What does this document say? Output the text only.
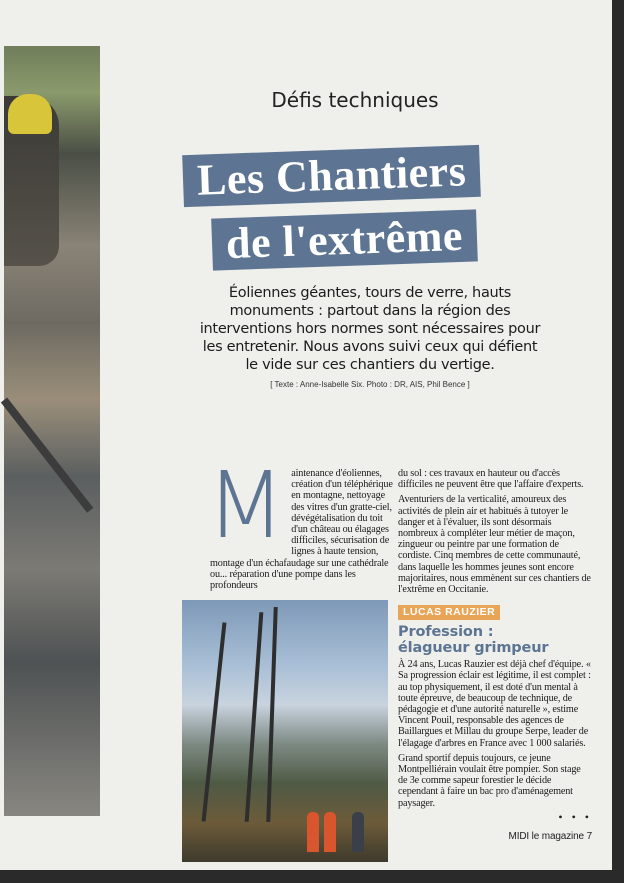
Défis techniques
Les Chantiers
de l'extrême
Éoliennes géantes, tours de verre, hauts monuments : partout dans la région des interventions hors normes sont nécessaires pour les entretenir. Nous avons suivi ceux qui défient le vide sur ces chantiers du vertige.
[ Texte : Anne-Isabelle Six. Photo : DR, AIS, Phil Bence ]
M aintenance d'éoliennes, création d'un téléphérique en montagne, nettoyage des vitres d'un gratte-ciel, dévégétalisation du toit d'un château ou élagages difficiles, sécurisation de lignes à haute tension, montage d'un échafaudage sur une cathédrale ou... réparation d'une pompe dans les profondeurs

du sol : ces travaux en hauteur ou d'accès difficiles ne peuvent être que l'affaire d'experts.

Aventuriers de la verticalité, amoureux des activités de plein air et habitués à tutoyer le danger et à l'évaluer, ils sont désormais nombreux à compléter leur métier de maçon, zingueur ou peintre par une formation de cordiste. Cinq membres de cette communauté, dans laquelle les hommes jeunes sont encore majoritaires, nous emmènent sur ces chantiers de l'extrême en Occitanie.

LUCAS RAUZIER
Profession :
élagueur grimpeur

À 24 ans, Lucas Rauzier est déjà chef d'équipe. « Sa progression éclair est légitime, il est complet : au top physiquement, il est doté d'un mental à toute épreuve, de beaucoup de technique, de pédagogie et d'une autorité naturelle », estime Vincent Pouil, responsable des agences de Baillargues et Millau du groupe Serpe, leader de l'élagage d'arbres en France avec 1 000 salariés.

Grand sportif depuis toujours, ce jeune Montpelliérain voulait être pompier. Son stage de 3e comme sapeur forestier le décide cependant à faire un bac pro d'aménagement paysager.

• • •
MIDI le magazine 7
